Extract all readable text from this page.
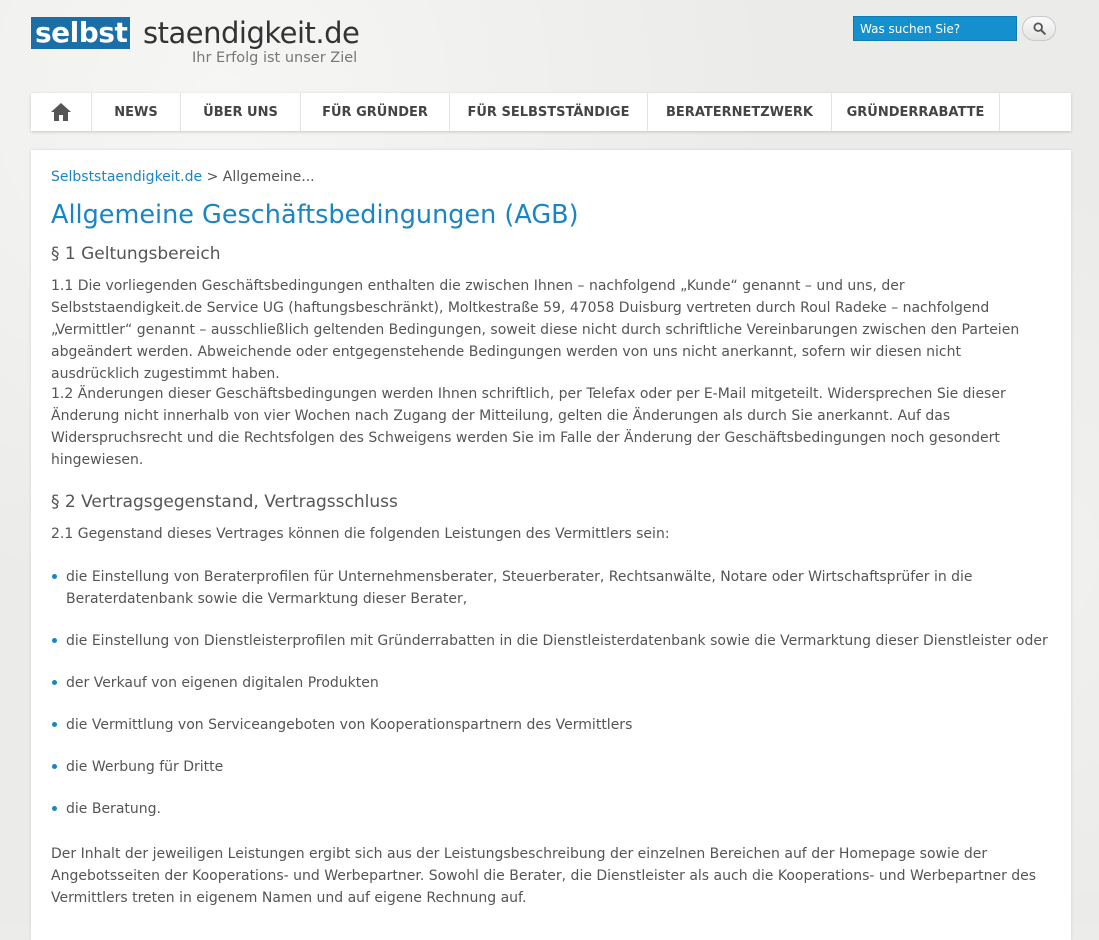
selbst staendigkeit.de
Ihr Erfolg ist unser Ziel
Was suchen Sie?
NEWS	ÜBER UNS	FÜR GRÜNDER	FÜR SELBSTSTÄNDIGE	BERATERNETZWERK	GRÜNDERRABATTE
Selbststaendigkeit.de > Allgemeine...
Allgemeine Geschäftsbedingungen (AGB)
§ 1 Geltungsbereich

1.1 Die vorliegenden Geschäftsbedingungen enthalten die zwischen Ihnen – nachfolgend „Kunde“ genannt – und uns, der Selbststaendigkeit.de Service UG (haftungsbeschränkt), Moltkestraße 59, 47058 Duisburg vertreten durch Roul Radeke – nachfolgend „Vermittler“ genannt – ausschließlich geltenden Bedingungen, soweit diese nicht durch schriftliche Vereinbarungen zwischen den Parteien abgeändert werden. Abweichende oder entgegenstehende Bedingungen werden von uns nicht anerkannt, sofern wir diesen nicht ausdrücklich zugestimmt haben.

1.2 Änderungen dieser Geschäftsbedingungen werden Ihnen schriftlich, per Telefax oder per E-Mail mitgeteilt. Widersprechen Sie dieser Änderung nicht innerhalb von vier Wochen nach Zugang der Mitteilung, gelten die Änderungen als durch Sie anerkannt. Auf das Widerspruchsrecht und die Rechtsfolgen des Schweigens werden Sie im Falle der Änderung der Geschäftsbedingungen noch gesondert hingewiesen.

§ 2 Vertragsgegenstand, Vertragsschluss

2.1 Gegenstand dieses Vertrages können die folgenden Leistungen des Vermittlers sein:

die Einstellung von Beraterprofilen für Unternehmensberater, Steuerberater, Rechtsanwälte, Notare oder Wirtschaftsprüfer in die Beraterdatenbank sowie die Vermarktung dieser Berater,
die Einstellung von Dienstleisterprofilen mit Gründerrabatten in die Dienstleisterdatenbank sowie die Vermarktung dieser Dienstleister oder
der Verkauf von eigenen digitalen Produkten
die Vermittlung von Serviceangeboten von Kooperationspartnern des Vermittlers
die Werbung für Dritte
die Beratung.

Der Inhalt der jeweiligen Leistungen ergibt sich aus der Leistungsbeschreibung der einzelnen Bereichen auf der Homepage sowie der Angebotsseiten der Kooperations- und Werbepartner. Sowohl die Berater, die Dienstleister als auch die Kooperations- und Werbepartner des Vermittlers treten in eigenem Namen und auf eigene Rechnung auf.
